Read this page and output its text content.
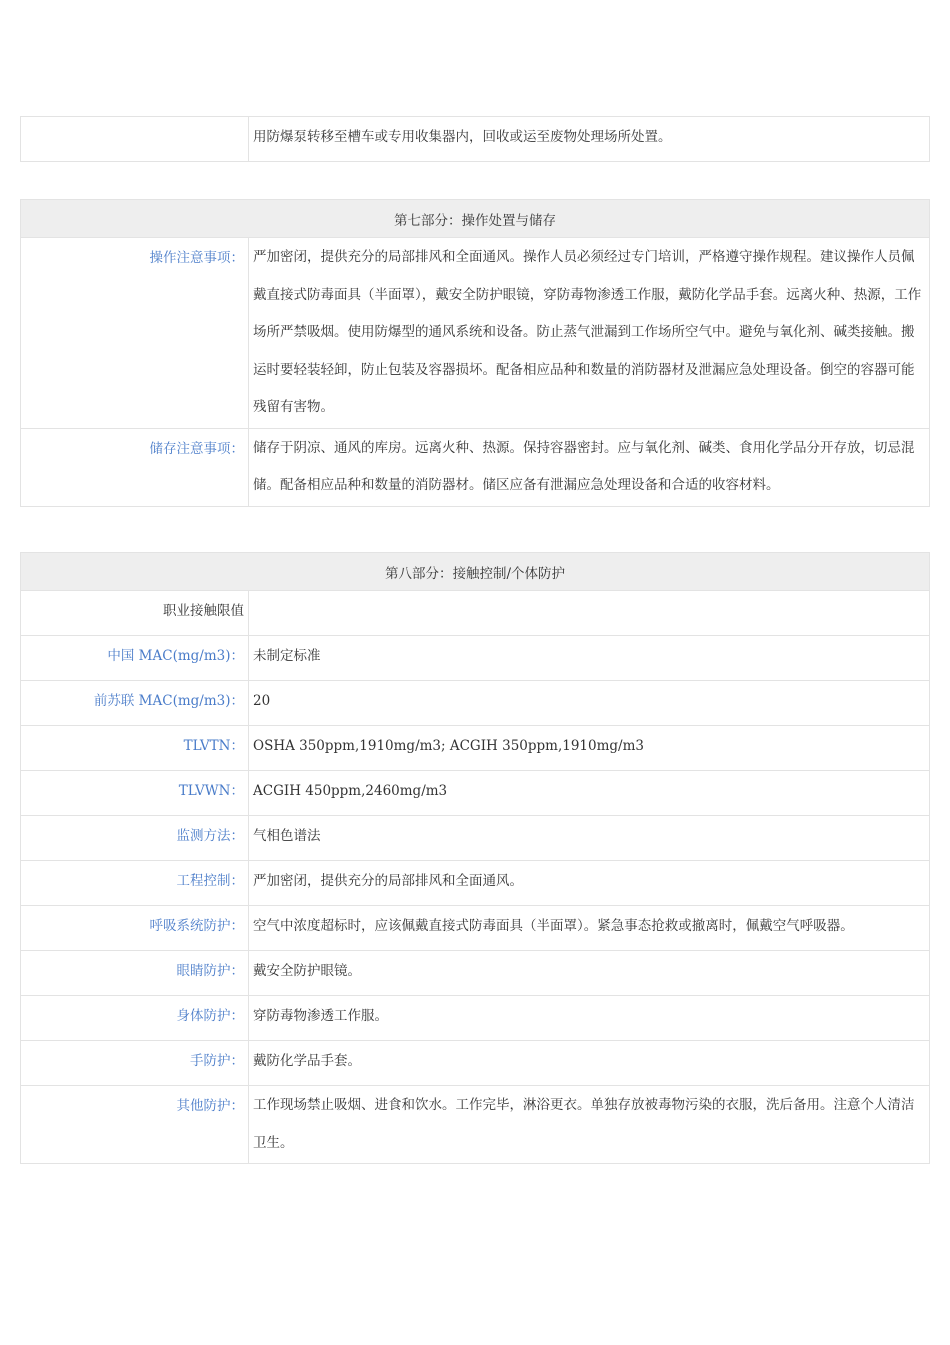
	用防爆泵转移至槽车或专用收集器内，回收或运至废物处理场所处置。
第七部分：操作处置与储存	
操作注意事项：	严加密闭，提供充分的局部排风和全面通风。操作人员必须经过专门培训，严格遵守操作规程。建议操作人员佩戴直接式防毒面具（半面罩），戴安全防护眼镜，穿防毒物渗透工作服，戴防化学品手套。远离火种、热源，工作场所严禁吸烟。使用防爆型的通风系统和设备。防止蒸气泄漏到工作场所空气中。避免与氧化剂、碱类接触。搬运时要轻装轻卸，防止包装及容器损坏。配备相应品种和数量的消防器材及泄漏应急处理设备。倒空的容器可能残留有害物。
储存注意事项：	储存于阴凉、通风的库房。远离火种、热源。保持容器密封。应与氧化剂、碱类、食用化学品分开存放，切忌混储。配备相应品种和数量的消防器材。储区应备有泄漏应急处理设备和合适的收容材料。
第八部分：接触控制/个体防护	
职业接触限值	
中国 MAC(mg/m3)：	未制定标准
前苏联 MAC(mg/m3)：	20
TLVTN：	OSHA 350ppm,1910mg/m3; ACGIH 350ppm,1910mg/m3
TLVWN：	ACGIH 450ppm,2460mg/m3
监测方法：	气相色谱法
工程控制：	严加密闭，提供充分的局部排风和全面通风。
呼吸系统防护：	空气中浓度超标时，应该佩戴直接式防毒面具（半面罩）。紧急事态抢救或撤离时，佩戴空气呼吸器。
眼睛防护：	戴安全防护眼镜。
身体防护：	穿防毒物渗透工作服。
手防护：	戴防化学品手套。
其他防护：	工作现场禁止吸烟、进食和饮水。工作完毕，淋浴更衣。单独存放被毒物污染的衣服，洗后备用。注意个人清洁卫生。
